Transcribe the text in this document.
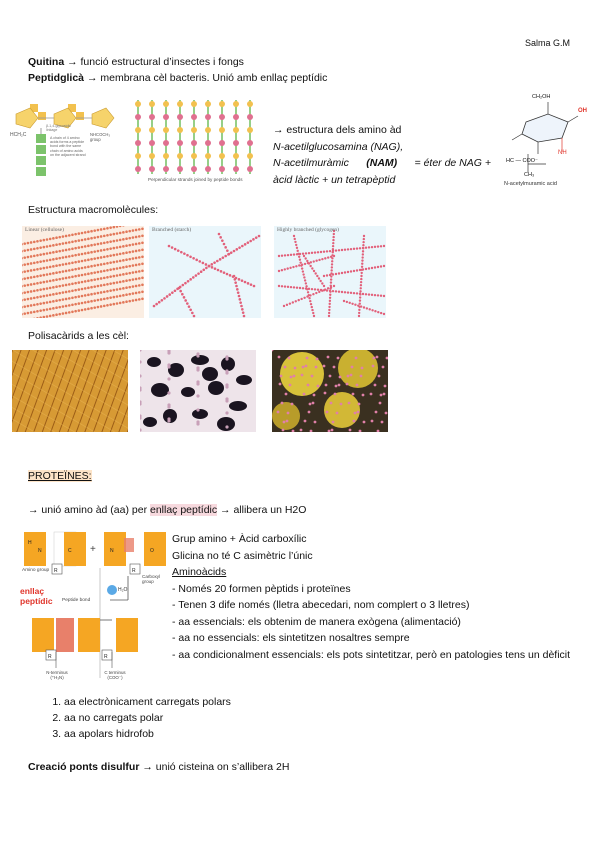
Salma G.M
Quitina → funció estructural d’insectes i fongs
Peptidglicà → membrana cèl bacteris. Unió amb enllaç peptídic
HCH₂C	A chain of 4 amino acids forms a peptide bond with the same chain of amino acids on the adjacent strand
NHCOCH₃ group
β-1,4-glycosidic linkage
Perpendicular strands joined by peptide bonds
→ estructura dels amino àd
N-acetilglucosamina (NAG),
N-acetilmuràmic (NAM) = éter de NAG +
àcid làctic + un tetrapèptid
CH₂OH
OH
NH
HC — COO⁻
CH₃
N-acetylmuramic acid
Estructura macromolècules:
Linear (cellulose)	Branched (starch)	Highly branched (glycogen)
Polisacàrids a les cèl:
PROTEÏNES:
→ unió amino àd (aa) per enllaç peptídic → allibera un H2O
H
N	C	N	O
R	R
R	R
Amino group
Carboxyl group
+
H₂O
Peptide bond
enllaç
peptídic
N-terminus (⁺H₃N)
C terminus (COO⁻)
Grup amino + Àcid carboxílic
Glicina no té C asimètric l’únic
Aminoàcids
- Només 20 formen pèptids i proteïnes
- Tenen 3 dife només (lletra abecedari, nom complert o 3 lletres)
- aa essencials: els obtenim de manera exògena (alimentació)
- aa no essencials: els sintetitzen nosaltres sempre
- aa condicionalment essencials: els pots sintetitzar, però en patologies tens un dèficit
1. aa electrònicament carregats polars
2. aa no carregats polar
3. aa apolars hidrofob
Creació ponts disulfur → unió cisteina on s’allibera 2H
